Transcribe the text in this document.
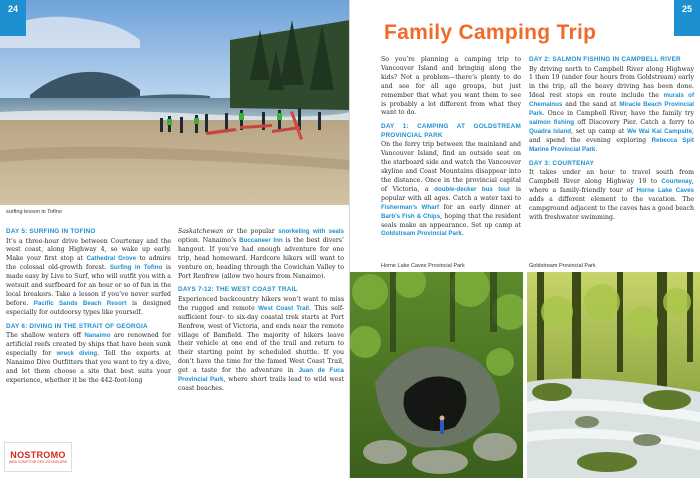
surfing lesson in Tofino
24
DAY 5: SURFING IN TOFINO

It’s a three-hour drive between Courtenay and the west coast, along Highway 4, so wake up early. Make your first stop at Cathedral Grove to admire the colossal old-growth forest. Surfing in Tofino is made easy by Live to Surf, who will outfit you with a wetsuit and surfboard for an hour or so of fun in the local breakers. Take a lesson if you’ve never surfed before. Pacific Sands Beach Resort is designed especially for outdoorsy types like yourself.

DAY 6: DIVING IN THE STRAIT OF GEORGIA

The shallow waters off Nanaimo are renowned for artificial reefs created by ships that have been sunk especially for wreck diving. Tell the experts at Nanaimo Dive Outfitters that you want to try a dive, and let them choose a site that best suits your experience, whether it be the 442-foot-long

Saskatchewan or the popular snorkeling with seals option. Nanaimo’s Buccaneer Inn is the best divers’ hangout. If you’ve had enough adventure for one trip, head homeward. Hardcore hikers will want to venture on, heading through the Cowichan Valley to Port Renfrew (allow two hours from Nanaimo).

DAYS 7-12: THE WEST COAST TRAIL

Experienced backcountry hikers won’t want to miss the rugged and remote West Coast Trail. This self-sufficient four- to six-day coastal trek starts at Port Renfrew, west of Victoria, and ends near the remote village of Bamfield. The majority of hikers leave their vehicle at one end of the trail and return to their starting point by scheduled shuttle. If you don’t have the time for the famed West Coast Trail, get a taste for the adventure in Juan de Fuca Provincial Park, where short trails lead to wild west coast beaches.

NOSTROMO
WEB COMPTOIR DES VOYAGEURS
25
Family Camping Trip

So you’re planning a camping trip to Vancouver Island and bringing along the kids? Not a problem—there’s plenty to do and see for all age groups, but just remember that what you want them to see is probably a lot different from what they want to do.

DAY 1: CAMPING AT GOLDSTREAM PROVINCIAL PARK

On the ferry trip between the mainland and Vancouver Island, find an outside seat on the starboard side and watch the Vancouver skyline and Coast Mountains disappear into the distance. Once in the provincial capital of Victoria, a double-decker bus tour is popular with all ages. Catch a water taxi to Fisherman’s Wharf for an early dinner at Barb’s Fish & Chips, hoping that the resident seals make an appearance. Set up camp at Goldstream Provincial Park.

DAY 2: SALMON FISHING IN CAMPBELL RIVER

By driving north to Campbell River along Highway 1 then 19 (under four hours from Goldstream) early in the trip, all the heavy driving has been done. Ideal rest stops en route include the murals of Chemainus and the sand at Miracle Beach Provincial Park. Once in Campbell River, have the family try salmon fishing off Discovery Pier. Catch a ferry to Quadra Island, set up camp at We Wai Kai Campsite, and spend the evening exploring Rebecca Spit Marine Provincial Park.

DAY 3: COURTENAY

It takes under an hour to travel south from Campbell River along Highway 19 to Courtenay, where a family-friendly tour of Horne Lake Caves adds a different element to the vacation. The campground adjacent to the caves has a good beach with freshwater swimming.

Horne Lake Caves Provincial Park	Goldstream Provincial Park
